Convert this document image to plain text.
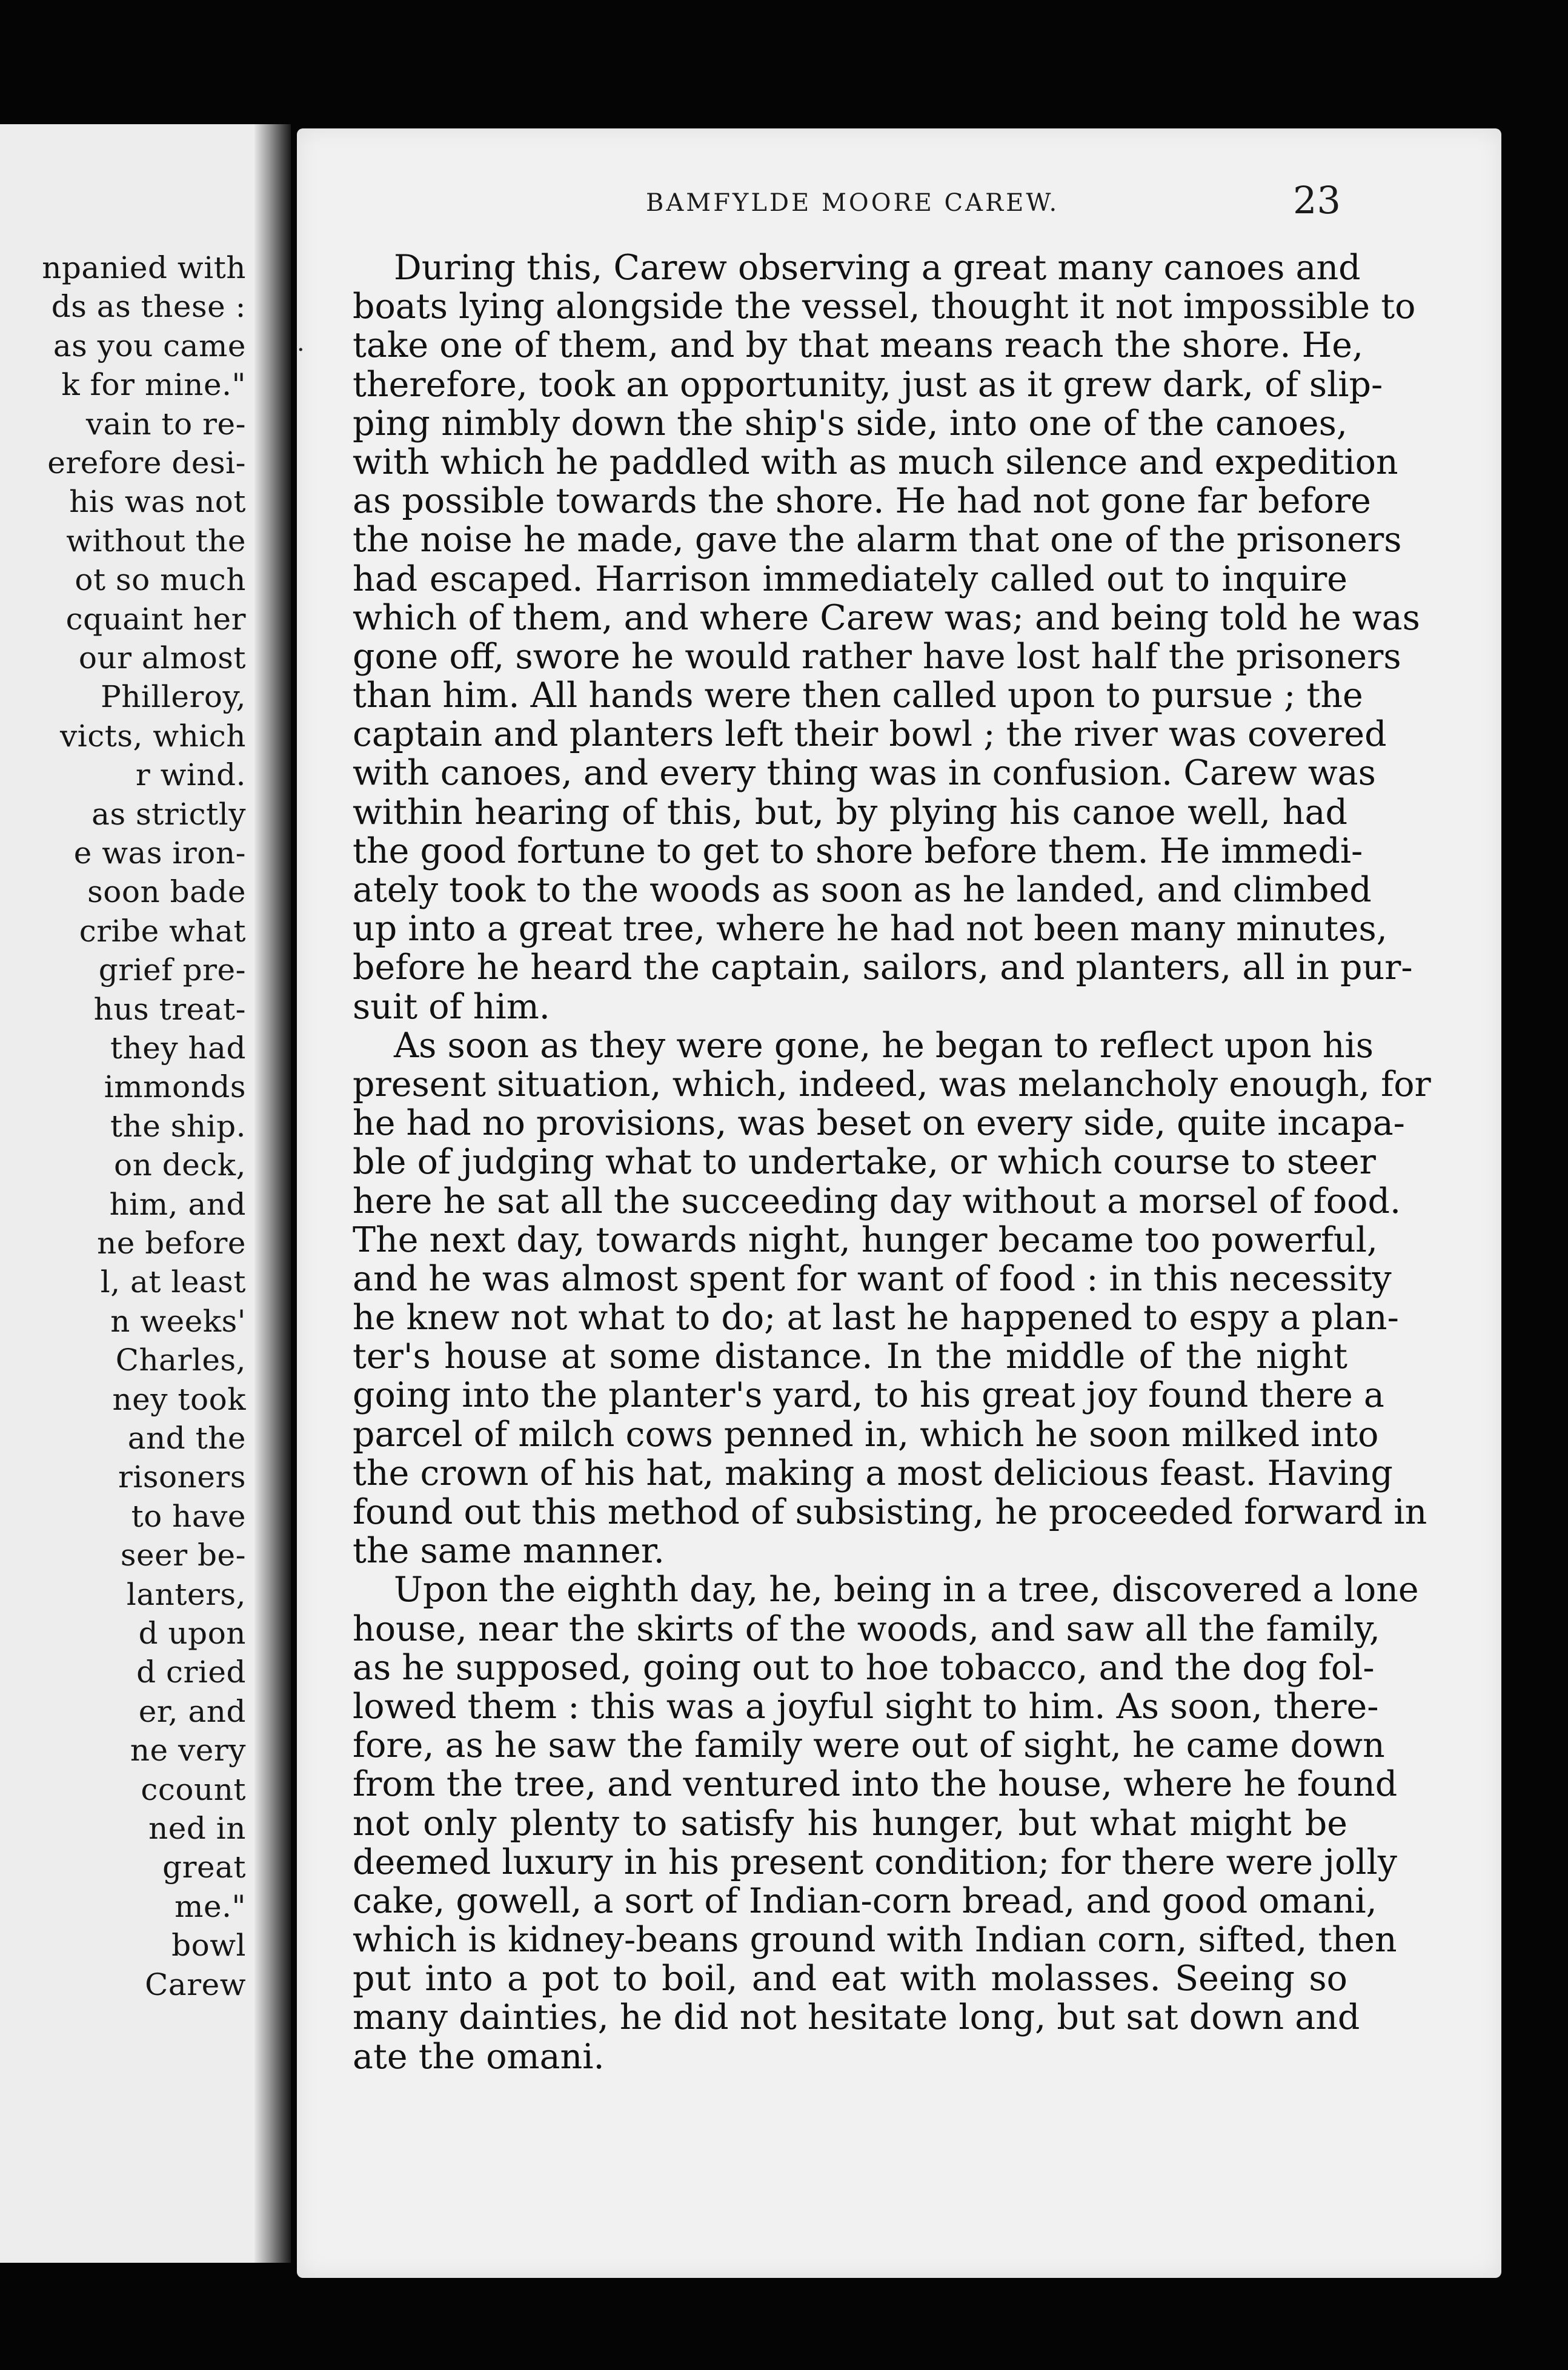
npanied with
ds as these :
as you came
k for mine."
vain to re-
erefore desi-
his was not
without the
ot so much
cquaint her
our almost
Philleroy,
victs, which
r wind.
as strictly
e was iron-
soon bade
cribe what
grief pre-
hus treat-
they had
immonds
the ship.
on deck,
him, and
ne before
l, at least
n weeks'
Charles,
ney took
and the
risoners
to have
seer be-
lanters,
d upon
d cried
er, and
ne very
ccount
ned in
great
me."
bowl
Carew
BAMFYLDE MOORE CAREW.	23
During this, Carew observing a great many canoes and
boats lying alongside the vessel, thought it not impossible to
take one of them, and by that means reach the shore. He,
therefore, took an opportunity, just as it grew dark, of slip-
ping nimbly down the ship's side, into one of the canoes,
with which he paddled with as much silence and expedition
as possible towards the shore. He had not gone far before
the noise he made, gave the alarm that one of the prisoners
had escaped. Harrison immediately called out to inquire
which of them, and where Carew was; and being told he was
gone off, swore he would rather have lost half the prisoners
than him. All hands were then called upon to pursue ; the
captain and planters left their bowl ; the river was covered
with canoes, and every thing was in confusion. Carew was
within hearing of this, but, by plying his canoe well, had
the good fortune to get to shore before them. He immedi-
ately took to the woods as soon as he landed, and climbed
up into a great tree, where he had not been many minutes,
before he heard the captain, sailors, and planters, all in pur-
suit of him.
As soon as they were gone, he began to reflect upon his
present situation, which, indeed, was melancholy enough, for
he had no provisions, was beset on every side, quite incapa-
ble of judging what to undertake, or which course to steer
here he sat all the succeeding day without a morsel of food.
The next day, towards night, hunger became too powerful,
and he was almost spent for want of food : in this necessity
he knew not what to do; at last he happened to espy a plan-
ter's house at some distance. In the middle of the night
going into the planter's yard, to his great joy found there a
parcel of milch cows penned in, which he soon milked into
the crown of his hat, making a most delicious feast. Having
found out this method of subsisting, he proceeded forward in
the same manner.
Upon the eighth day, he, being in a tree, discovered a lone
house, near the skirts of the woods, and saw all the family,
as he supposed, going out to hoe tobacco, and the dog fol-
lowed them : this was a joyful sight to him. As soon, there-
fore, as he saw the family were out of sight, he came down
from the tree, and ventured into the house, where he found
not only plenty to satisfy his hunger, but what might be
deemed luxury in his present condition; for there were jolly
cake, gowell, a sort of Indian-corn bread, and good omani,
which is kidney-beans ground with Indian corn, sifted, then
put into a pot to boil, and eat with molasses. Seeing so
many dainties, he did not hesitate long, but sat down and
ate the omani.
·
